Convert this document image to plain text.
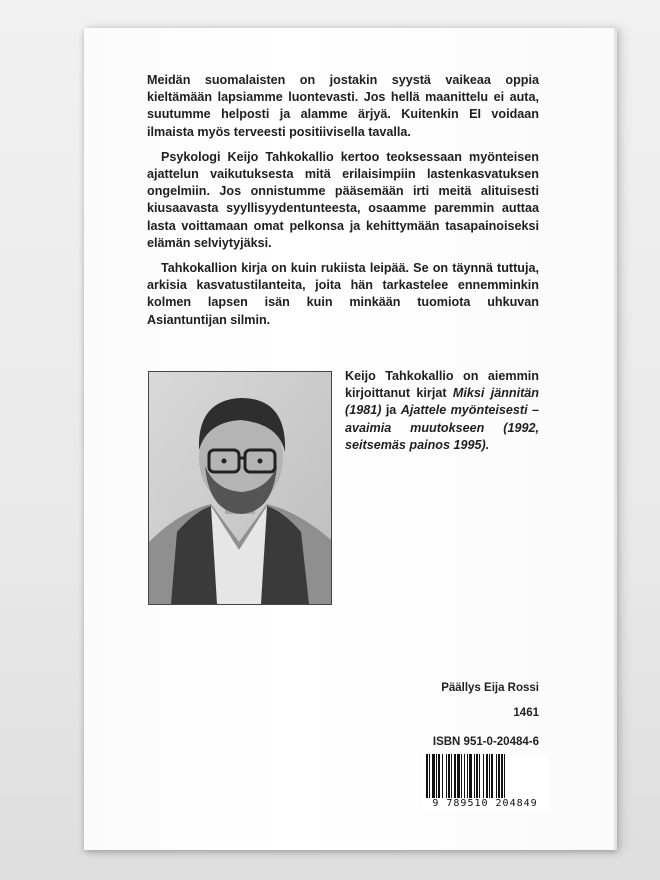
Meidän suomalaisten on jostakin syystä vaikeaa oppia kieltämään lapsiamme luontevasti. Jos hellä maanittelu ei auta, suutumme helposti ja alamme ärjyä. Kuitenkin EI voidaan ilmaista myös terveesti positiivisella tavalla.

Psykologi Keijo Tahkokallio kertoo teoksessaan myönteisen ajattelun vaikutuksesta mitä erilaisimpiin lastenkasvatuksen ongelmiin. Jos onnistumme pääsemään irti meitä alituisesti kiusaavasta syyllisyydentunteesta, osaamme paremmin auttaa lasta voittamaan omat pelkonsa ja kehittymään tasapainoiseksi elämän selviytyjäksi.

Tahkokallion kirja on kuin rukiista leipää. Se on täynnä tuttuja, arkisia kasvatustilanteita, joita hän tarkastelee ennemminkin kolmen lapsen isän kuin minkään tuomiota uhkuvan Asiantuntijan silmin.

Keijo Tahkokallio on aiemmin kirjoittanut kirjat Miksi jännitän (1981) ja Ajattele myönteisesti – avaimia muutokseen (1992, seitsemäs painos 1995).

Päällys Eija Rossi
1461
ISBN 951-0-20484-6
9 789510 204849
